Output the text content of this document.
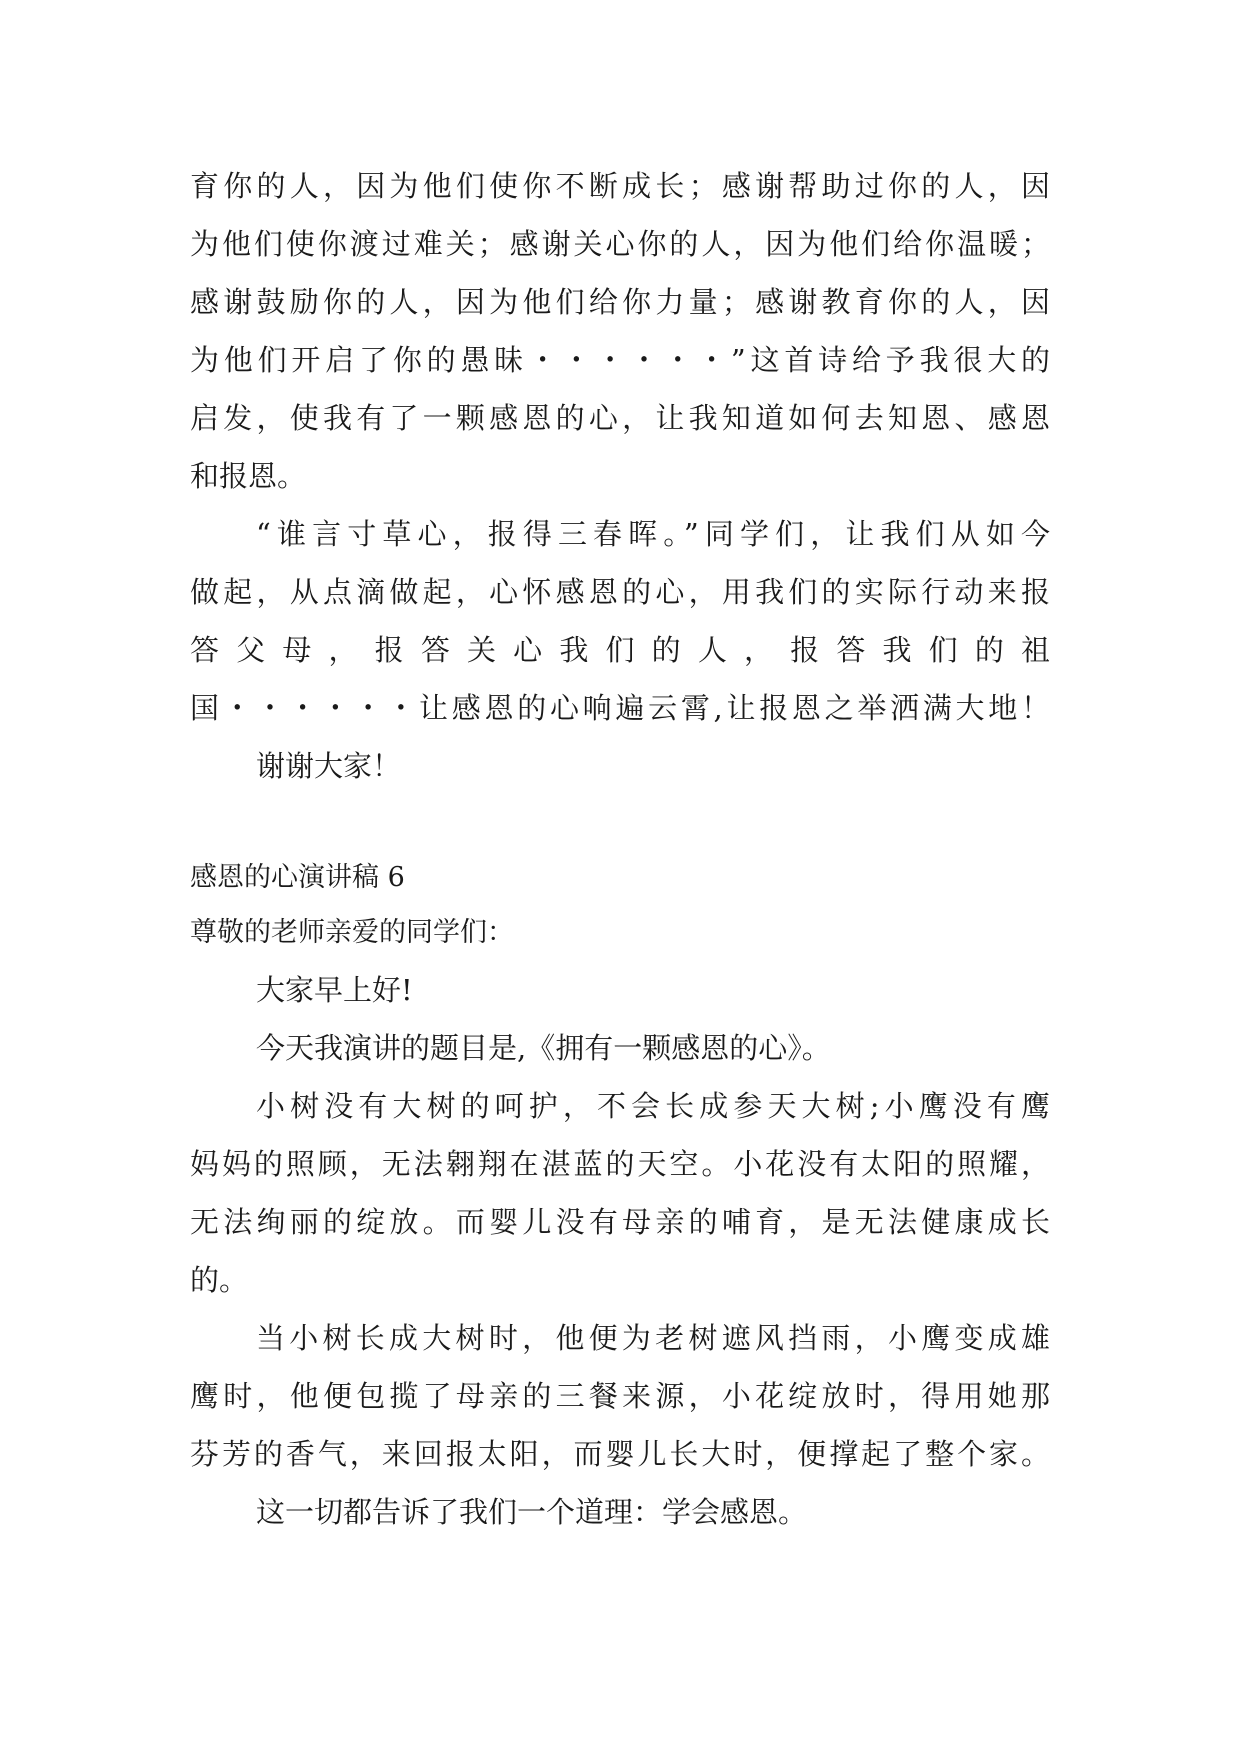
育你的人，因为他们使你不断成长；感谢帮助过你的人，因
为他们使你渡过难关；感谢关心你的人，因为他们给你温暖；
感谢鼓励你的人，因为他们给你力量；感谢教育你的人，因
为他们开启了你的愚昧・・・・・・”这首诗给予我很大的
启发，使我有了一颗感恩的心，让我知道如何去知恩、感恩
和报恩。
“谁言寸草心，报得三春晖。”同学们，让我们从如今
做起，从点滴做起，心怀感恩的心，用我们的实际行动来报
答 父 母 ， 报 答 关 心 我 们 的 人 ， 报 答 我 们 的 祖
国・・・・・・让感恩的心响遍云霄,让报恩之举洒满大地！
谢谢大家！
感恩的心演讲稿 6
尊敬的老师亲爱的同学们：
大家早上好!
今天我演讲的题目是,《拥有一颗感恩的心》。
小树没有大树的呵护，不会长成参天大树;小鹰没有鹰
妈妈的照顾，无法翱翔在湛蓝的天空。小花没有太阳的照耀，
无法绚丽的绽放。而婴儿没有母亲的哺育，是无法健康成长
的。
当小树长成大树时，他便为老树遮风挡雨，小鹰变成雄
鹰时，他便包揽了母亲的三餐来源，小花绽放时，得用她那
芬芳的香气，来回报太阳，而婴儿长大时，便撑起了整个家。
这一切都告诉了我们一个道理：学会感恩。
